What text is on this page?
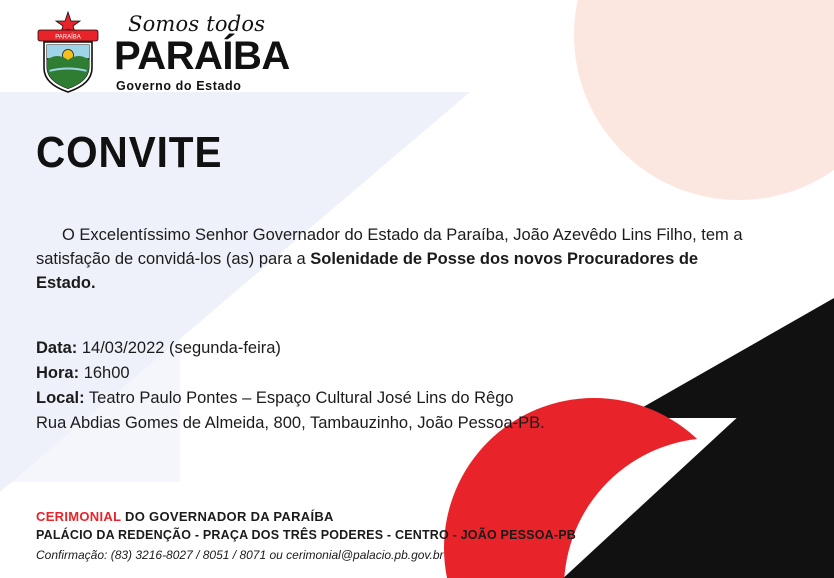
PARAÍBA
Somos todos
PARAÍBA
Governo do Estado
CONVITE

O Excelentíssimo Senhor Governador do Estado da Paraíba, João Azevêdo Lins Filho, tem a satisfação de convidá-los (as) para a Solenidade de Posse dos novos Procuradores de Estado.

Data: 14/03/2022 (segunda-feira)
Hora: 16h00
Local: Teatro Paulo Pontes – Espaço Cultural José Lins do Rêgo
Rua Abdias Gomes de Almeida, 800, Tambauzinho, João Pessoa-PB.
CERIMONIAL DO GOVERNADOR DA PARAÍBA
PALÁCIO DA REDENÇÃO - PRAÇA DOS TRÊS PODERES - CENTRO - JOÃO PESSOA-PB
Confirmação: (83) 3216-8027 / 8051 / 8071 ou cerimonial@palacio.pb.gov.br
